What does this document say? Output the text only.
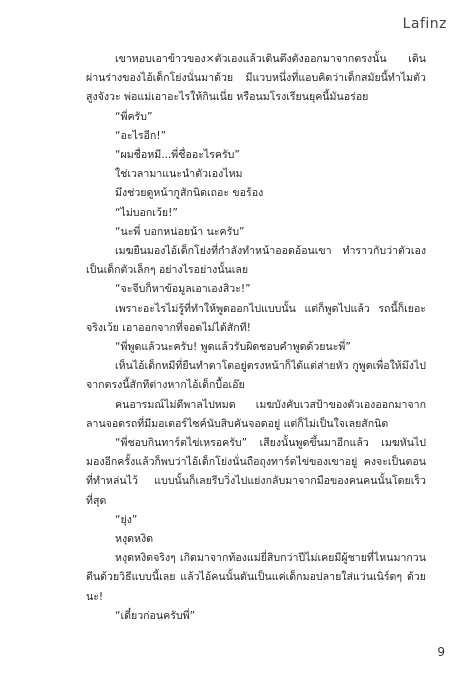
Lafinz

เขาหอบเอาข้าวของ×ตัวเองแล้วเดินตึงตังออกมาจากตรงนั้น เดินผ่านร่างของไอ้เด็กโย่งนั่นมาด้วย มีแวบหนึ่งที่แอบคิดว่าเด็กสมัยนี้ทำไมตัวสูงจังวะ พ่อแม่เอาอะไรให้กินเนี่ย หรือนมโรงเรียนยุคนี้มันอร่อย

“พี่ครับ”

“อะไรอีก!”

“ผมชื่อหมี...พี่ชื่ออะไรครับ”

ใช่เวลามาแนะนำตัวเองไหม

มึงช่วยดูหน้ากูสักนิดเถอะ ขอร้อง

“ไม่บอกเว้ย!”

“นะพี่ บอกหน่อยน้า นะครับ”

เมฆยืนมองไอ้เด็กโย่งที่กำลังทำหน้าออดอ้อนเขา ทำราวกับว่าตัวเองเป็นเด็กตัวเล็กๆ อย่างไรอย่างนั้นเลย

“จะจีบก็หาข้อมูลเอาเองสิวะ!”

เพราะอะไรไม่รู้ที่ทำให้พูดออกไปแบบนั้น แต่ก็พูดไปแล้ว รถนี้ก็เยอะจริงเว้ย เอาออกจากที่จอดไม่ได้สักที!

“พี่พูดแล้วนะครับ! พูดแล้วรับผิดชอบคำพูดด้วยนะพี่”

เห็นไอ้เด็กหมีที่ยืนทำตาโตอยู่ตรงหน้าก็ได้แต่ส่ายหัว กูพูดเพื่อให้มึงไปจากตรงนี้สักทีต่างหากไอ้เด็กบื้อเอ๊ย

คนอารมณ์ไม่ดีพาลไปหมด เมฆบังคับเวสป้าของตัวเองออกมาจากลานจอดรถที่มีมอเตอร์ไซค์นับสิบคันจอดอยู่ แต่ก็ไม่เป็นใจเลยสักนิด

“พี่ชอบกินทาร์ตไข่เหรอครับ” เสียงนั้นพูดขึ้นมาอีกแล้ว เมฆหันไปมองอีกครั้งแล้วก็พบว่าไอ้เด็กโย่งนั่นถือถุงทาร์ตไข่ของเขาอยู่ คงจะเป็นตอนที่ทำหล่นไว้ แบบนั้นก็เลยรีบวิ่งไปแย่งกลับมาจากมือของคนคนนั้นโดยเร็วที่สุด

“ยุ่ง”

หงุดหงิด

หงุดหงิดจริงๆ เกิดมาจากท้องแม่ยี่สิบกว่าปีไม่เคยมีผู้ชายที่ไหนมากวนตีนด้วยวิธีแบบนี้เลย แล้วไอ้คนนั้นดันเป็นแค่เด็กมอปลายใส่แว่นเนิร์ดๆ ด้วยนะ!

“เดี๋ยวก่อนครับพี่”

9
